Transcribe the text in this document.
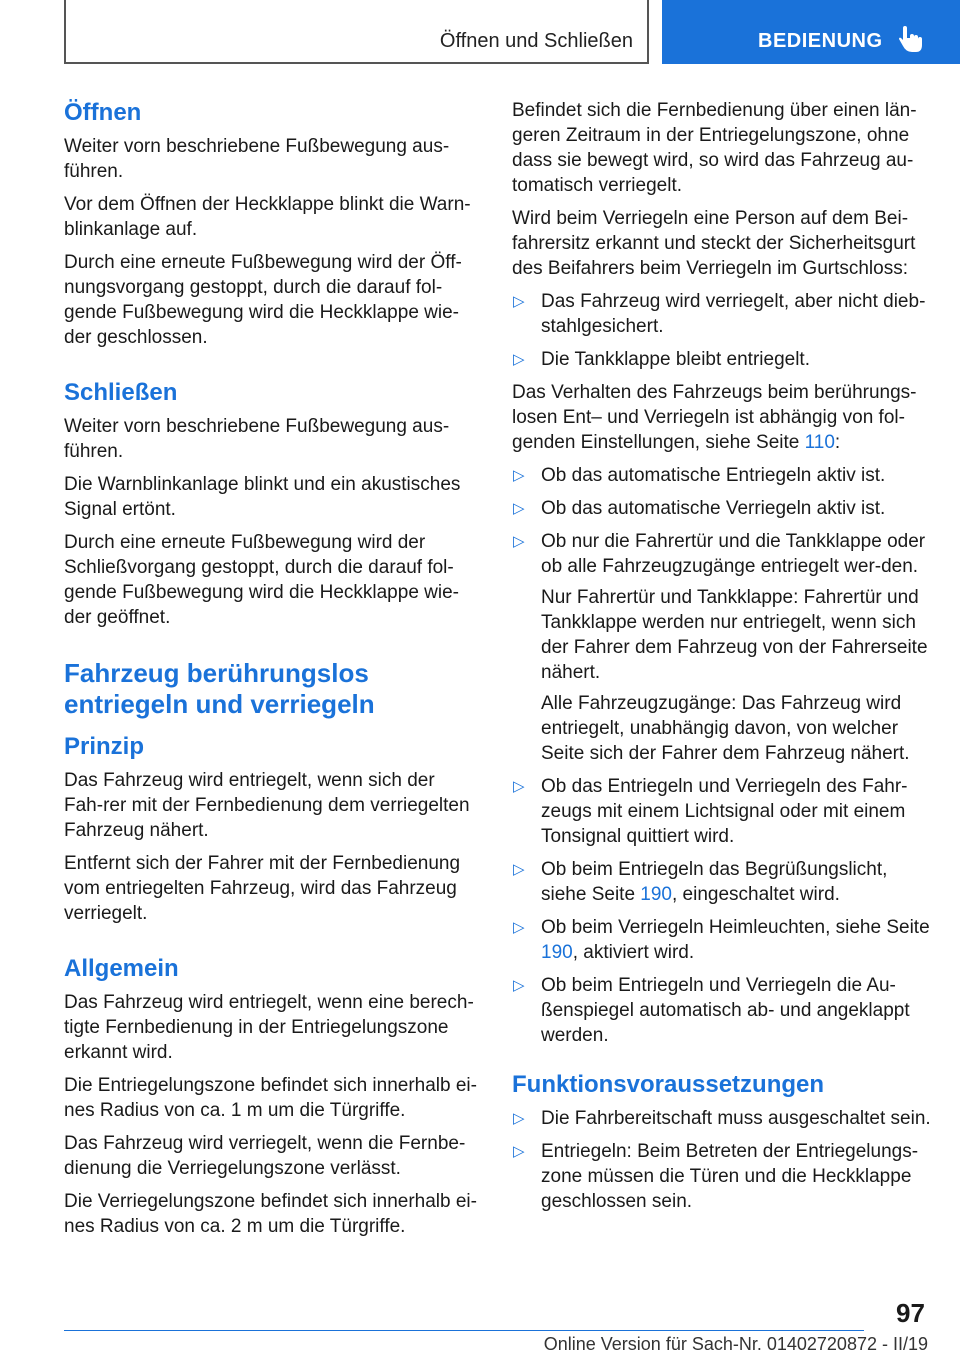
Öffnen und Schließen	BEDIENUNG
Öffnen

Weiter vorn beschriebene Fußbewegung aus-führen.

Vor dem Öffnen der Heckklappe blinkt die Warn-blinkanlage auf.

Durch eine erneute Fußbewegung wird der Öff-nungsvorgang gestoppt, durch die darauf fol-gende Fußbewegung wird die Heckklappe wie-der geschlossen.

Schließen

Weiter vorn beschriebene Fußbewegung aus-führen.

Die Warnblinkanlage blinkt und ein akustisches Signal ertönt.

Durch eine erneute Fußbewegung wird der Schließvorgang gestoppt, durch die darauf fol-gende Fußbewegung wird die Heckklappe wie-der geöffnet.

Fahrzeug berührungslos entriegeln und verriegeln
Prinzip

Das Fahrzeug wird entriegelt, wenn sich der Fah-rer mit der Fernbedienung dem verriegelten Fahrzeug nähert.

Entfernt sich der Fahrer mit der Fernbedienung vom entriegelten Fahrzeug, wird das Fahrzeug verriegelt.

Allgemein

Das Fahrzeug wird entriegelt, wenn eine berech-tigte Fernbedienung in der Entriegelungszone erkannt wird.

Die Entriegelungszone befindet sich innerhalb ei-nes Radius von ca. 1 m um die Türgriffe.

Das Fahrzeug wird verriegelt, wenn die Fernbe-dienung die Verriegelungszone verlässt.

Die Verriegelungszone befindet sich innerhalb ei-nes Radius von ca. 2 m um die Türgriffe.

Befindet sich die Fernbedienung über einen län-geren Zeitraum in der Entriegelungszone, ohne dass sie bewegt wird, so wird das Fahrzeug au-tomatisch verriegelt.

Wird beim Verriegeln eine Person auf dem Bei-fahrersitz erkannt und steckt der Sicherheitsgurt des Beifahrers beim Verriegeln im Gurtschloss:

▷ Das Fahrzeug wird verriegelt, aber nicht dieb-stahlgesichert.
▷ Die Tankklappe bleibt entriegelt.

Das Verhalten des Fahrzeugs beim berührungs-losen Ent– und Verriegeln ist abhängig von fol-genden Einstellungen, siehe Seite 110:

▷ Ob das automatische Entriegeln aktiv ist.
▷ Ob das automatische Verriegeln aktiv ist.
▷ Ob nur die Fahrertür und die Tankklappe oder ob alle Fahrzeugzugänge entriegelt wer-den.
Nur Fahrertür und Tankklappe: Fahrertür und Tankklappe werden nur entriegelt, wenn sich der Fahrer dem Fahrzeug von der Fahrerseite nähert.
Alle Fahrzeugzugänge: Das Fahrzeug wird entriegelt, unabhängig davon, von welcher Seite sich der Fahrer dem Fahrzeug nähert.
▷ Ob das Entriegeln und Verriegeln des Fahr-zeugs mit einem Lichtsignal oder mit einem Tonsignal quittiert wird.
▷ Ob beim Entriegeln das Begrüßungslicht, siehe Seite 190, eingeschaltet wird.
▷ Ob beim Verriegeln Heimleuchten, siehe Seite 190, aktiviert wird.
▷ Ob beim Entriegeln und Verriegeln die Au-ßenspiegel automatisch ab- und angeklappt werden.
Funktionsvoraussetzungen
▷ Die Fahrbereitschaft muss ausgeschaltet sein.
▷ Entriegeln: Beim Betreten der Entriegelungs-zone müssen die Türen und die Heckklappe geschlossen sein.
97
Online Version für Sach-Nr. 01402720872 - II/19
